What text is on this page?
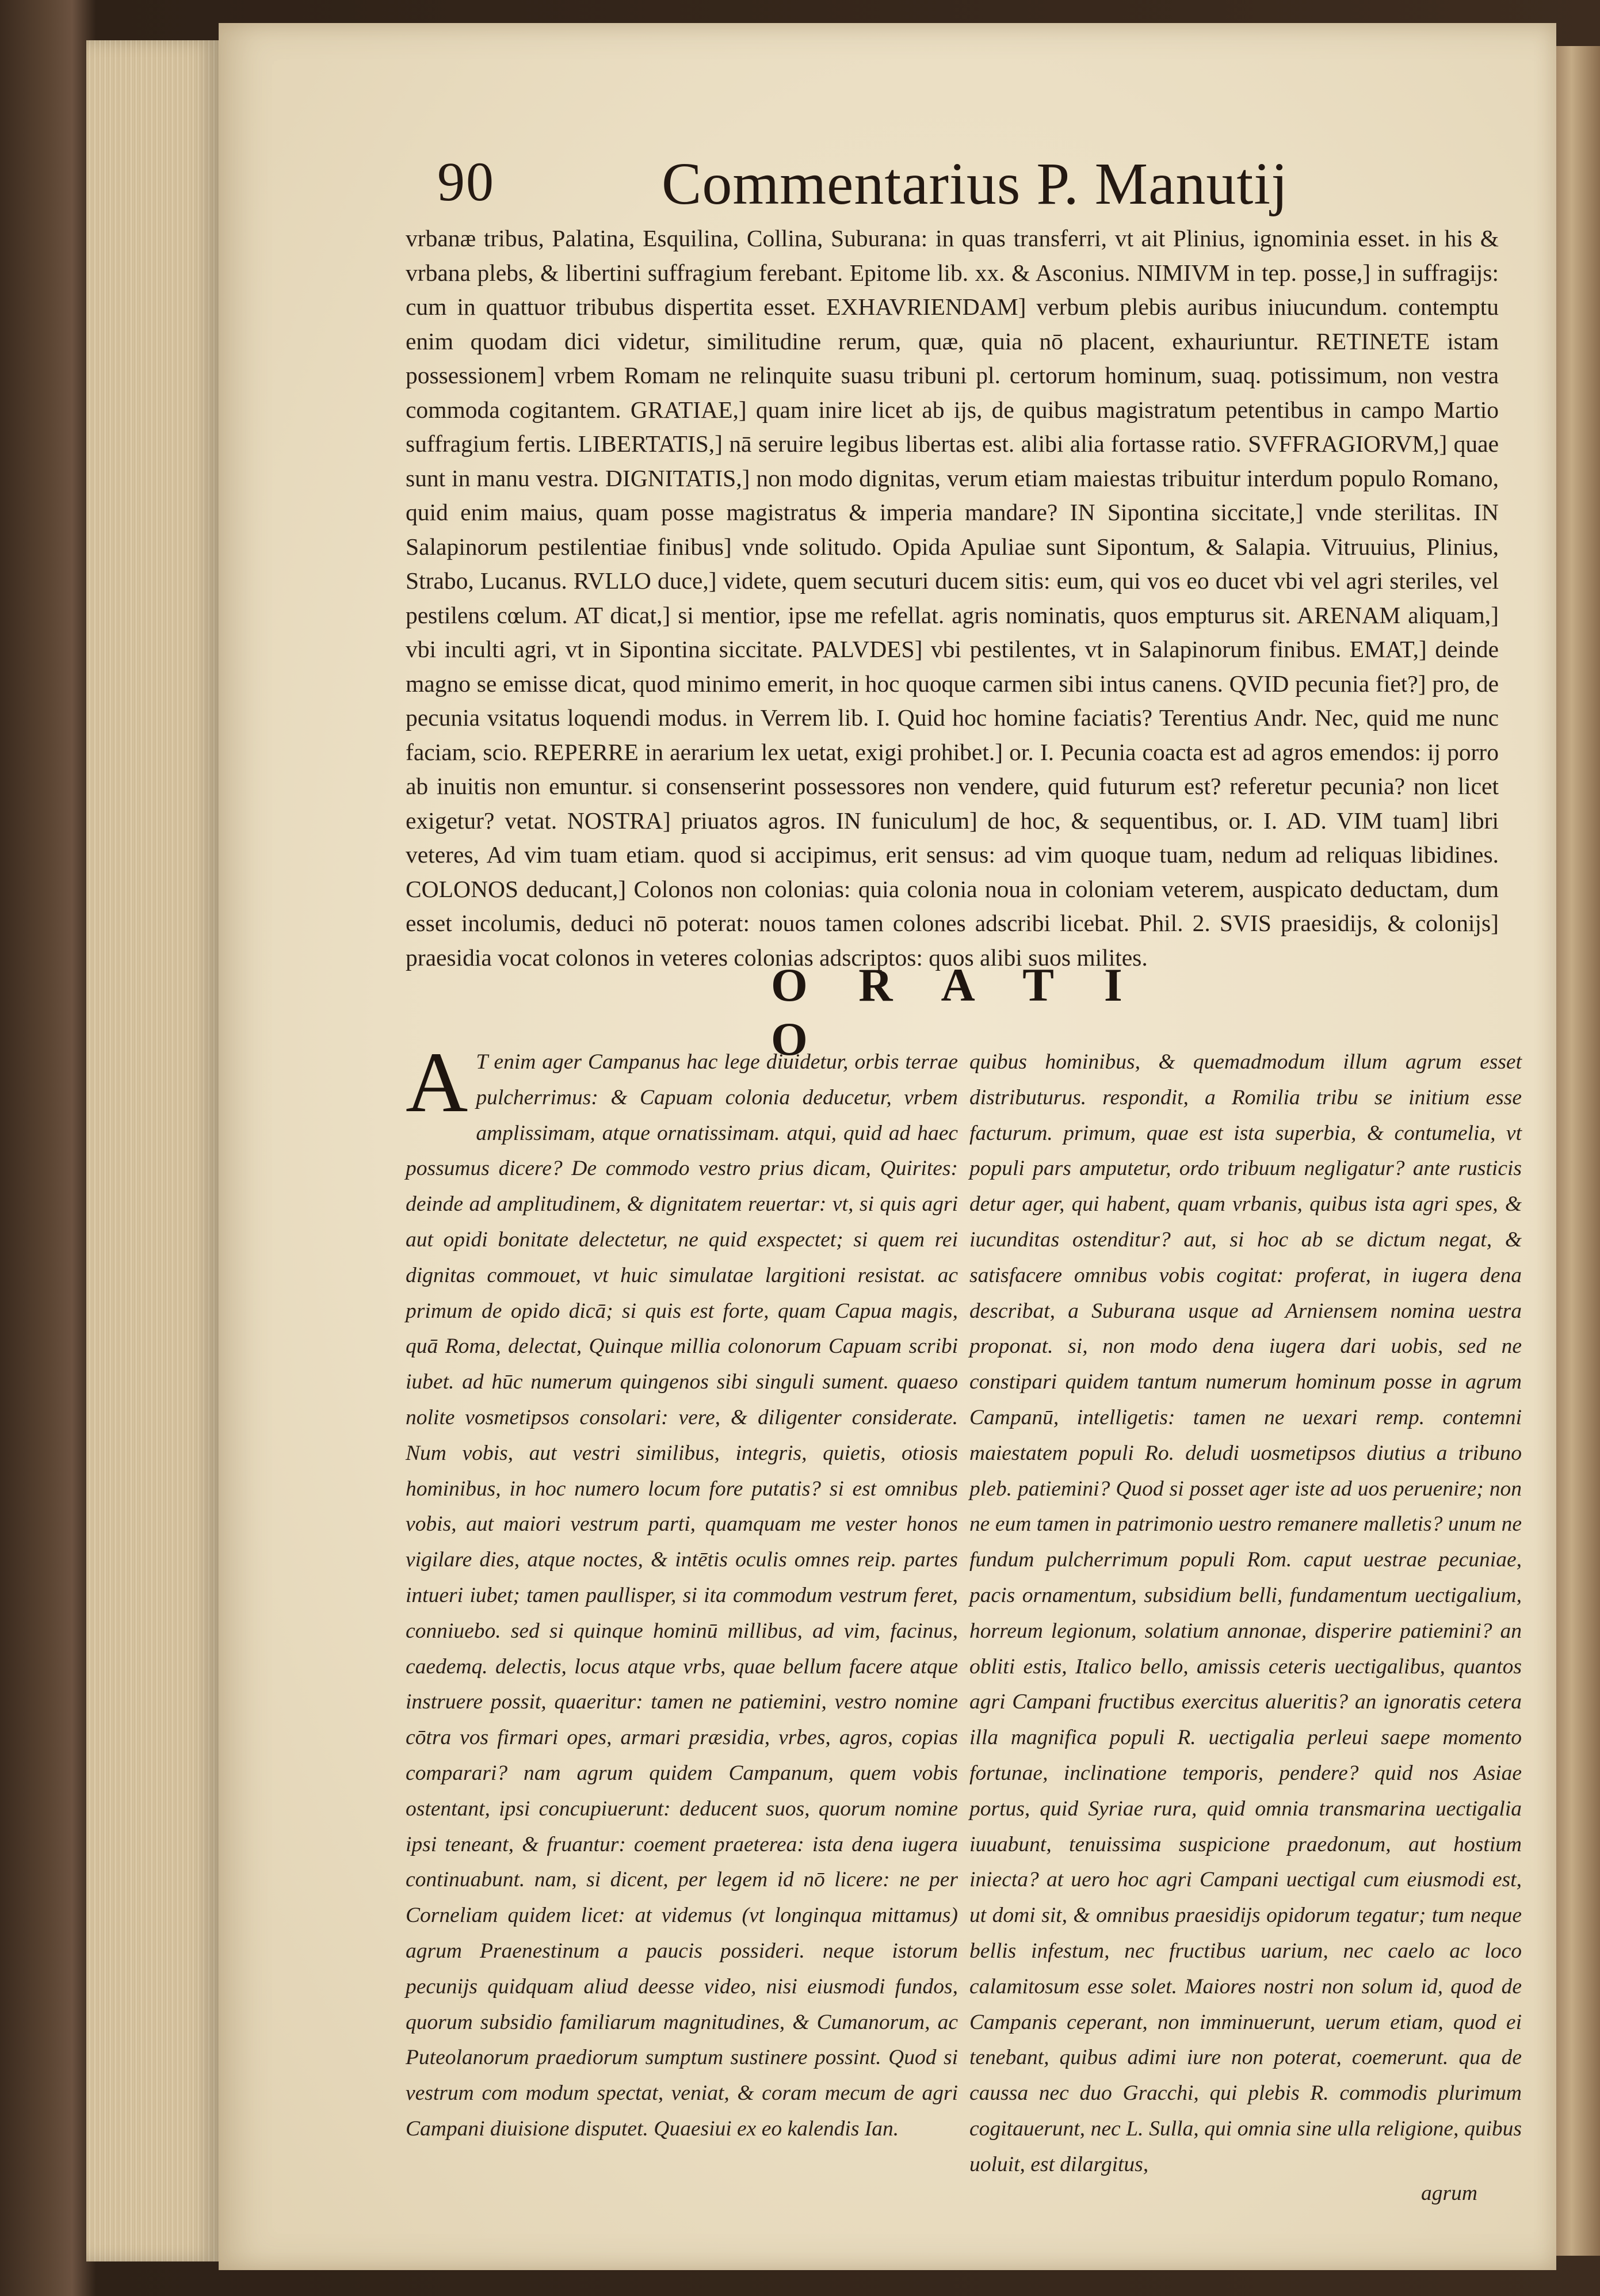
90	Commentarius P. Manutij

vrbanæ tribus, Palatina, Esquilina, Collina, Suburana: in quas transferri, vt ait Plinius, ignominia esset. in his & vrbana plebs, & libertini suffragium ferebant. Epitome lib. xx. & Asconius. NIMIVM in tep. posse,] in suffragijs: cum in quattuor tribubus dispertita esset. EXHAVRIENDAM] verbum plebis auribus iniucundum. contemptu enim quodam dici videtur, similitudine rerum, quæ, quia nō placent, exhauriuntur. RETINETE istam possessionem] vrbem Romam ne relinquite suasu tribuni pl. certorum hominum, suaq. potissimum, non vestra commoda cogitantem. GRATIAE,] quam inire licet ab ijs, de quibus magistratum petentibus in campo Martio suffragium fertis. LIBERTATIS,] nā seruire legibus libertas est. alibi alia fortasse ratio. SVFFRAGIORVM,] quae sunt in manu vestra. DIGNITATIS,] non modo dignitas, verum etiam maiestas tribuitur interdum populo Romano, quid enim maius, quam posse magistratus & imperia mandare? IN Sipontina siccitate,] vnde sterilitas. IN Salapinorum pestilentiae finibus] vnde solitudo. Opida Apuliae sunt Sipontum, & Salapia. Vitruuius, Plinius, Strabo, Lucanus. RVLLO duce,] videte, quem secuturi ducem sitis: eum, qui vos eo ducet vbi vel agri steriles, vel pestilens cœlum. AT dicat,] si mentior, ipse me refellat. agris nominatis, quos empturus sit. ARENAM aliquam,] vbi inculti agri, vt in Sipontina siccitate. PALVDES] vbi pestilentes, vt in Salapinorum finibus. EMAT,] deinde magno se emisse dicat, quod minimo emerit, in hoc quoque carmen sibi intus canens. QVID pecunia fiet?] pro, de pecunia vsitatus loquendi modus. in Verrem lib. I. Quid hoc homine faciatis? Terentius Andr. Nec, quid me nunc faciam, scio. REPERRE in aerarium lex uetat, exigi prohibet.] or. I. Pecunia coacta est ad agros emendos: ij porro ab inuitis non emuntur. si consenserint possessores non vendere, quid futurum est? referetur pecunia? non licet exigetur? vetat. NOSTRA] priuatos agros. IN funiculum] de hoc, & sequentibus, or. I. AD. VIM tuam] libri veteres, Ad vim tuam etiam. quod si accipimus, erit sensus: ad vim quoque tuam, nedum ad reliquas libidines. COLONOS deducant,] Colonos non colonias: quia colonia noua in coloniam veterem, auspicato deductam, dum esset incolumis, deduci nō poterat: nouos tamen colones adscribi licebat. Phil. 2. SVIS praesidijs, & colonijs] praesidia vocat colonos in veteres colonias adscriptos: quos alibi suos milites.

O R A T I O

A T enim ager Campanus hac lege diuidetur, orbis terrae pulcherrimus: & Capuam colonia deducetur, vrbem amplissimam, atque ornatissimam. atqui, quid ad haec possumus dicere? De commodo vestro prius dicam, Quirites: deinde ad amplitudinem, & dignitatem reuertar: vt, si quis agri aut opidi bonitate delectetur, ne quid exspectet; si quem rei dignitas commouet, vt huic simulatae largitioni resistat. ac primum de opido dicā; si quis est forte, quam Capua magis, quā Roma, delectat, Quinque millia colonorum Capuam scribi iubet. ad hūc numerum quingenos sibi singuli sument. quaeso nolite vosmetipsos consolari: vere, & diligenter considerate. Num vobis, aut vestri similibus, integris, quietis, otiosis hominibus, in hoc numero locum fore putatis? si est omnibus vobis, aut maiori vestrum parti, quamquam me vester honos vigilare dies, atque noctes, & intētis oculis omnes reip. partes intueri iubet; tamen paullisper, si ita commodum vestrum feret, conniuebo. sed si quinque hominū millibus, ad vim, facinus, caedemq. delectis, locus atque vrbs, quae bellum facere atque instruere possit, quaeritur: tamen ne patiemini, vestro nomine cōtra vos firmari opes, armari præsidia, vrbes, agros, copias comparari? nam agrum quidem Campanum, quem vobis ostentant, ipsi concupiuerunt: deducent suos, quorum nomine ipsi teneant, & fruantur: coement praeterea: ista dena iugera continuabunt. nam, si dicent, per legem id nō licere: ne per Corneliam quidem licet: at videmus (vt longinqua mittamus) agrum Praenestinum a paucis possideri. neque istorum pecunijs quidquam aliud deesse video, nisi eiusmodi fundos, quorum subsidio familiarum magnitudines, & Cumanorum, ac Puteolanorum praediorum sumptum sustinere possint. Quod si vestrum com modum spectat, veniat, & coram mecum de agri Campani diuisione disputet. Quaesiui ex eo kalendis Ian.

quibus hominibus, & quemadmodum illum agrum esset distributurus. respondit, a Romilia tribu se initium esse facturum. primum, quae est ista superbia, & contumelia, vt populi pars amputetur, ordo tribuum negligatur? ante rusticis detur ager, qui habent, quam vrbanis, quibus ista agri spes, & iucunditas ostenditur? aut, si hoc ab se dictum negat, & satisfacere omnibus vobis cogitat: proferat, in iugera dena describat, a Suburana usque ad Arniensem nomina uestra proponat. si, non modo dena iugera dari uobis, sed ne constipari quidem tantum numerum hominum posse in agrum Campanū, intelligetis: tamen ne uexari remp. contemni maiestatem populi Ro. deludi uosmetipsos diutius a tribuno pleb. patiemini? Quod si posset ager iste ad uos peruenire; non ne eum tamen in patrimonio uestro remanere malletis? unum ne fundum pulcherrimum populi Rom. caput uestrae pecuniae, pacis ornamentum, subsidium belli, fundamentum uectigalium, horreum legionum, solatium annonae, disperire patiemini? an obliti estis, Italico bello, amissis ceteris uectigalibus, quantos agri Campani fructibus exercitus alueritis? an ignoratis cetera illa magnifica populi R. uectigalia perleui saepe momento fortunae, inclinatione temporis, pendere? quid nos Asiae portus, quid Syriae rura, quid omnia transmarina uectigalia iuuabunt, tenuissima suspicione praedonum, aut hostium iniecta? at uero hoc agri Campani uectigal cum eiusmodi est, ut domi sit, & omnibus praesidijs opidorum tegatur; tum neque bellis infestum, nec fructibus uarium, nec caelo ac loco calamitosum esse solet. Maiores nostri non solum id, quod de Campanis ceperant, non imminuerunt, uerum etiam, quod ei tenebant, quibus adimi iure non poterat, coemerunt. qua de caussa nec duo Gracchi, qui plebis R. commodis plurimum cogitauerunt, nec L. Sulla, qui omnia sine ulla religione, quibus uoluit, est dilargitus,

agrum
